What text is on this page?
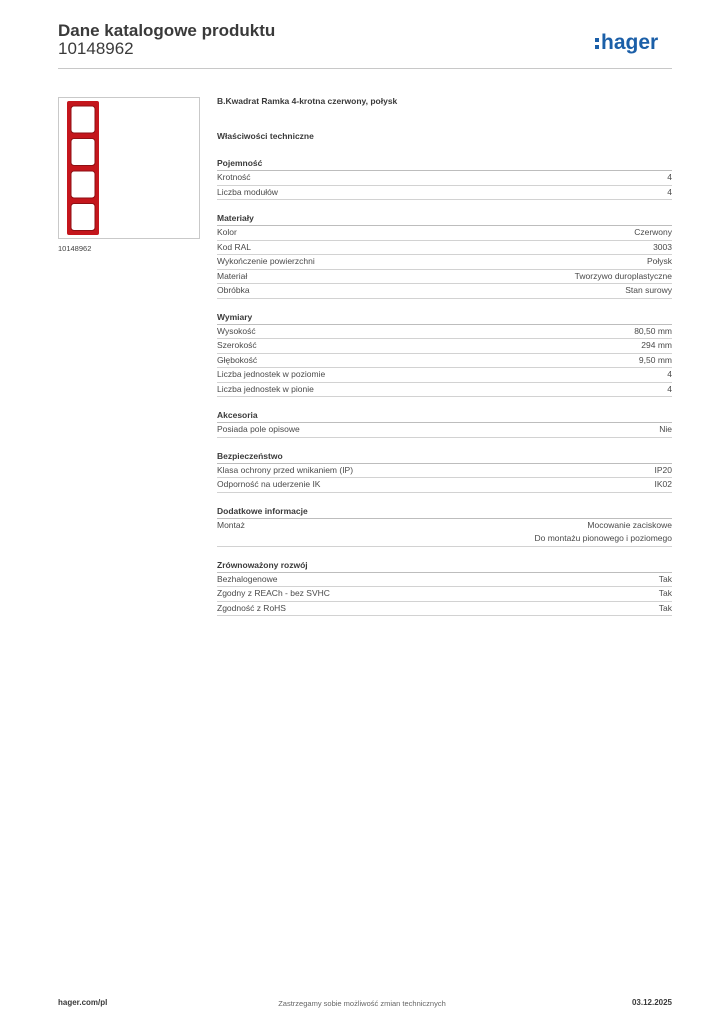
Dane katalogowe produktu
10148962	hager
10148962
B.Kwadrat Ramka 4-krotna czerwony, połysk
Właściwości techniczne
Pojemność
Krotność	4
Liczba modułów	4
Materiały
Kolor	Czerwony
Kod RAL	3003
Wykończenie powierzchni	Połysk
Materiał	Tworzywo duroplastyczne
Obróbka	Stan surowy
Wymiary
Wysokość	80,50 mm
Szerokość	294 mm
Głębokość	9,50 mm
Liczba jednostek w poziomie	4
Liczba jednostek w pionie	4
Akcesoria
Posiada pole opisowe	Nie
Bezpieczeństwo
Klasa ochrony przed wnikaniem (IP)	IP20
Odporność na uderzenie IK	IK02
Dodatkowe informacje
Montaż	Mocowanie zaciskowe
Do montażu pionowego i poziomego
Zrównoważony rozwój
Bezhalogenowe	Tak
Zgodny z REACh - bez SVHC	Tak
Zgodność z RoHS	Tak
hager.com/pl	Zastrzegamy sobie możliwość zmian technicznych	03.12.2025
